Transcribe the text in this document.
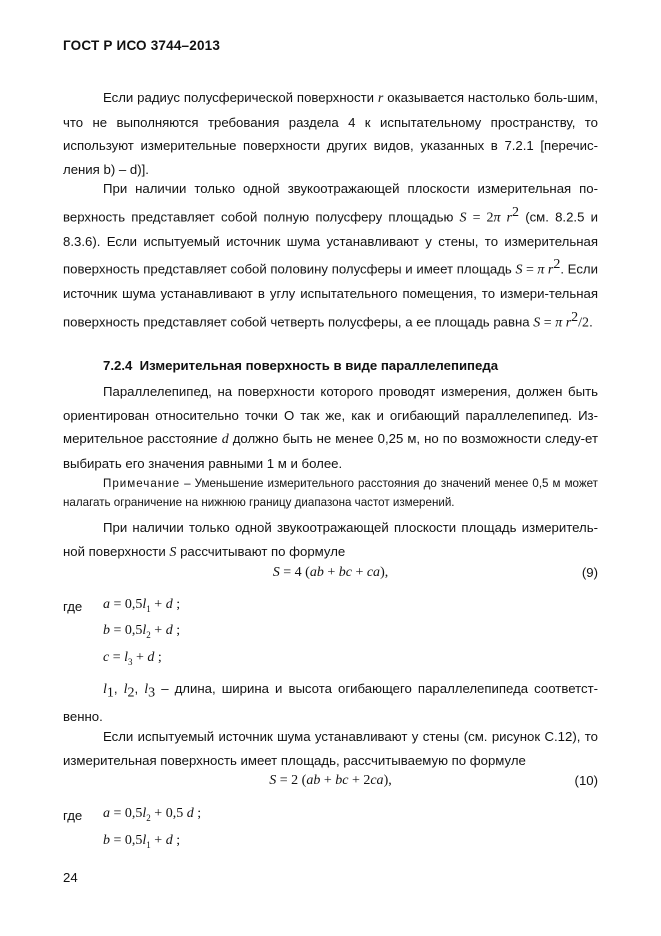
ГОСТ Р ИСО 3744–2013

Если радиус полусферической поверхности r оказывается настолько боль-шим, что не выполняются требования раздела 4 к испытательному пространству, то используют измерительные поверхности других видов, указанных в 7.2.1 [перечис-ления b) – d)].

При наличии только одной звукоотражающей плоскости измерительная по-верхность представляет собой полную полусферу площадью S = 2π $r^2$ (см. 8.2.5 и 8.3.6). Если испытуемый источник шума устанавливают у стены, то измерительная поверхность представляет собой половину полусферы и имеет площадь S = π $r^2$. Если источник шума устанавливают в углу испытательного помещения, то измери-тельная поверхность представляет собой четверть полусферы, а ее площадь равна S = π $r^2/2$.

7.2.4 Измерительная поверхность в виде параллелепипеда

Параллелепипед, на поверхности которого проводят измерения, должен быть ориентирован относительно точки О так же, как и огибающий параллелепипед. Из-мерительное расстояние d должно быть не менее 0,25 м, но по возможности следу-ет выбирать его значения равными 1 м и более.

Примечание – Уменьшение измерительного расстояния до значений менее 0,5 м может налагать ограничение на нижнюю границу диапазона частот измерений.

При наличии только одной звукоотражающей плоскости площадь измеритель-ной поверхности S рассчитывают по формуле

S = 4 (ab + bc + ca),	(9)
где $a = 0,5l_1 + d$ ;
$b = 0,5l_2 + d$ ;
$c = l_3 + d$ ;

$l_1$, $l_2$, $l_3$ – длина, ширина и высота огибающего параллелепипеда соответст-венно.

Если испытуемый источник шума устанавливают у стены (см. рисунок С.12), то измерительная поверхность имеет площадь, рассчитываемую по формуле

S = 2 (ab + bc + 2ca),	(10)
где $a = 0,5l_2 + 0,5$ d ;
$b = 0,5l_1 + d$ ;
24
